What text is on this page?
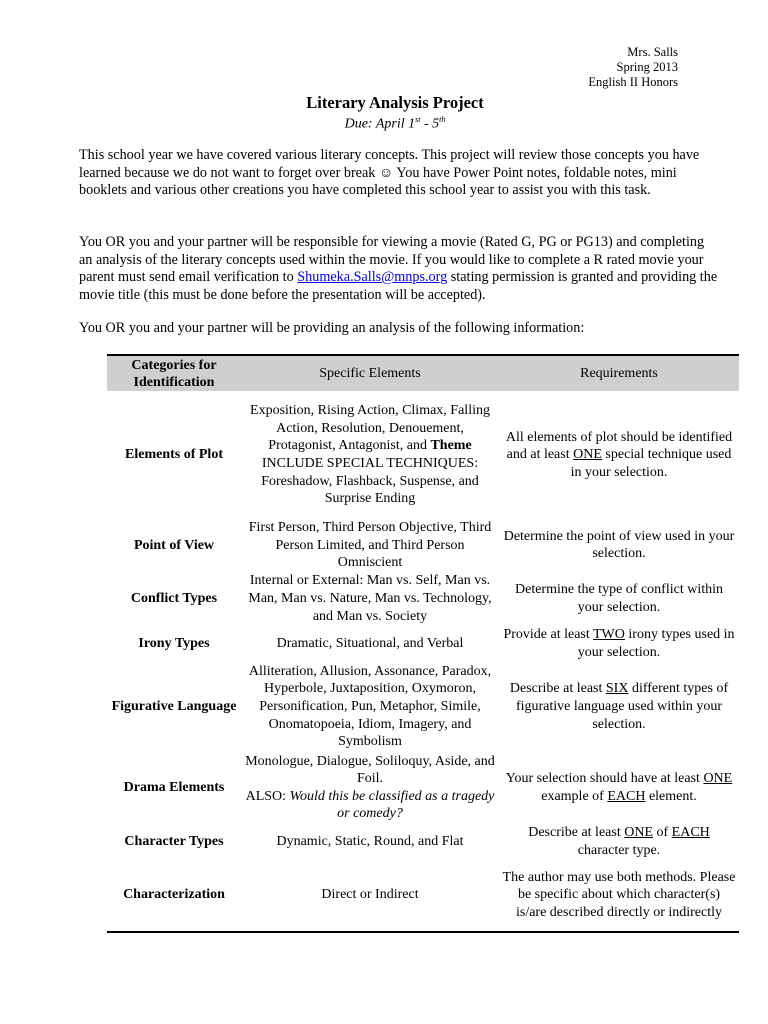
Mrs. Salls
Spring 2013
English II Honors
Literary Analysis Project
Due: April 1st - 5th

This school year we have covered various literary concepts. This project will review those concepts you have learned because we do not want to forget over break ☺ You have Power Point notes, foldable notes, mini booklets and various other creations you have completed this school year to assist you with this task.

You OR you and your partner will be responsible for viewing a movie (Rated G, PG or PG13) and completing an analysis of the literary concepts used within the movie. If you would like to complete a R rated movie your parent must send email verification to Shumeka.Salls@mnps.org stating permission is granted and providing the movie title (this must be done before the presentation will be accepted).

You OR you and your partner will be providing an analysis of the following information:

Categories for Identification	Specific Elements	Requirements
Elements of Plot	Exposition, Rising Action, Climax, Falling Action, Resolution, Denouement, Protagonist, Antagonist, and Theme
INCLUDE SPECIAL TECHNIQUES: Foreshadow, Flashback, Suspense, and Surprise Ending	All elements of plot should be identified and at least ONE special technique used in your selection.
Point of View	First Person, Third Person Objective, Third Person Limited, and Third Person Omniscient	Determine the point of view used in your selection.
Conflict Types	Internal or External: Man vs. Self, Man vs. Man, Man vs. Nature, Man vs. Technology, and Man vs. Society	Determine the type of conflict within your selection.
Irony Types	Dramatic, Situational, and Verbal	Provide at least TWO irony types used in your selection.
Figurative Language	Alliteration, Allusion, Assonance, Paradox, Hyperbole, Juxtaposition, Oxymoron, Personification, Pun, Metaphor, Simile, Onomatopoeia, Idiom, Imagery, and Symbolism	Describe at least SIX different types of figurative language used within your selection.
Drama Elements	Monologue, Dialogue, Soliloquy, Aside, and Foil.
ALSO: Would this be classified as a tragedy or comedy?	Your selection should have at least ONE example of EACH element.
Character Types	Dynamic, Static, Round, and Flat	Describe at least ONE of EACH character type.
Characterization	Direct or Indirect	The author may use both methods. Please be specific about which character(s) is/are described directly or indirectly
